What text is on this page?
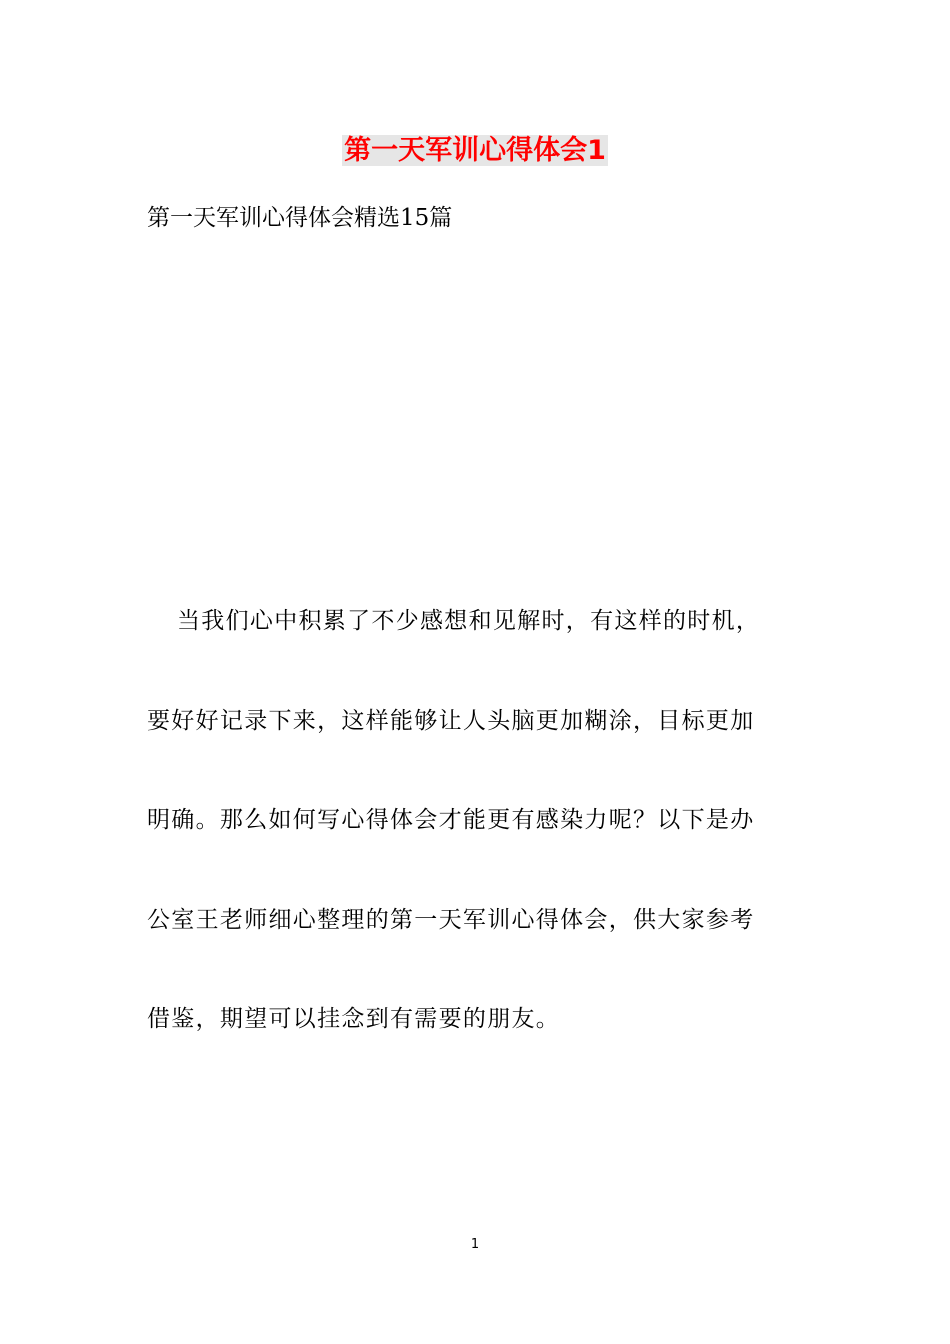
第一天军训心得体会1
第一天军训心得体会精选15篇
当我们心中积累了不少感想和见解时，有这样的时机，
要好好记录下来，这样能够让人头脑更加糊涂，目标更加
明确。那么如何写心得体会才能更有感染力呢？以下是办
公室王老师细心整理的第一天军训心得体会，供大家参考
借鉴，期望可以挂念到有需要的朋友。
1
